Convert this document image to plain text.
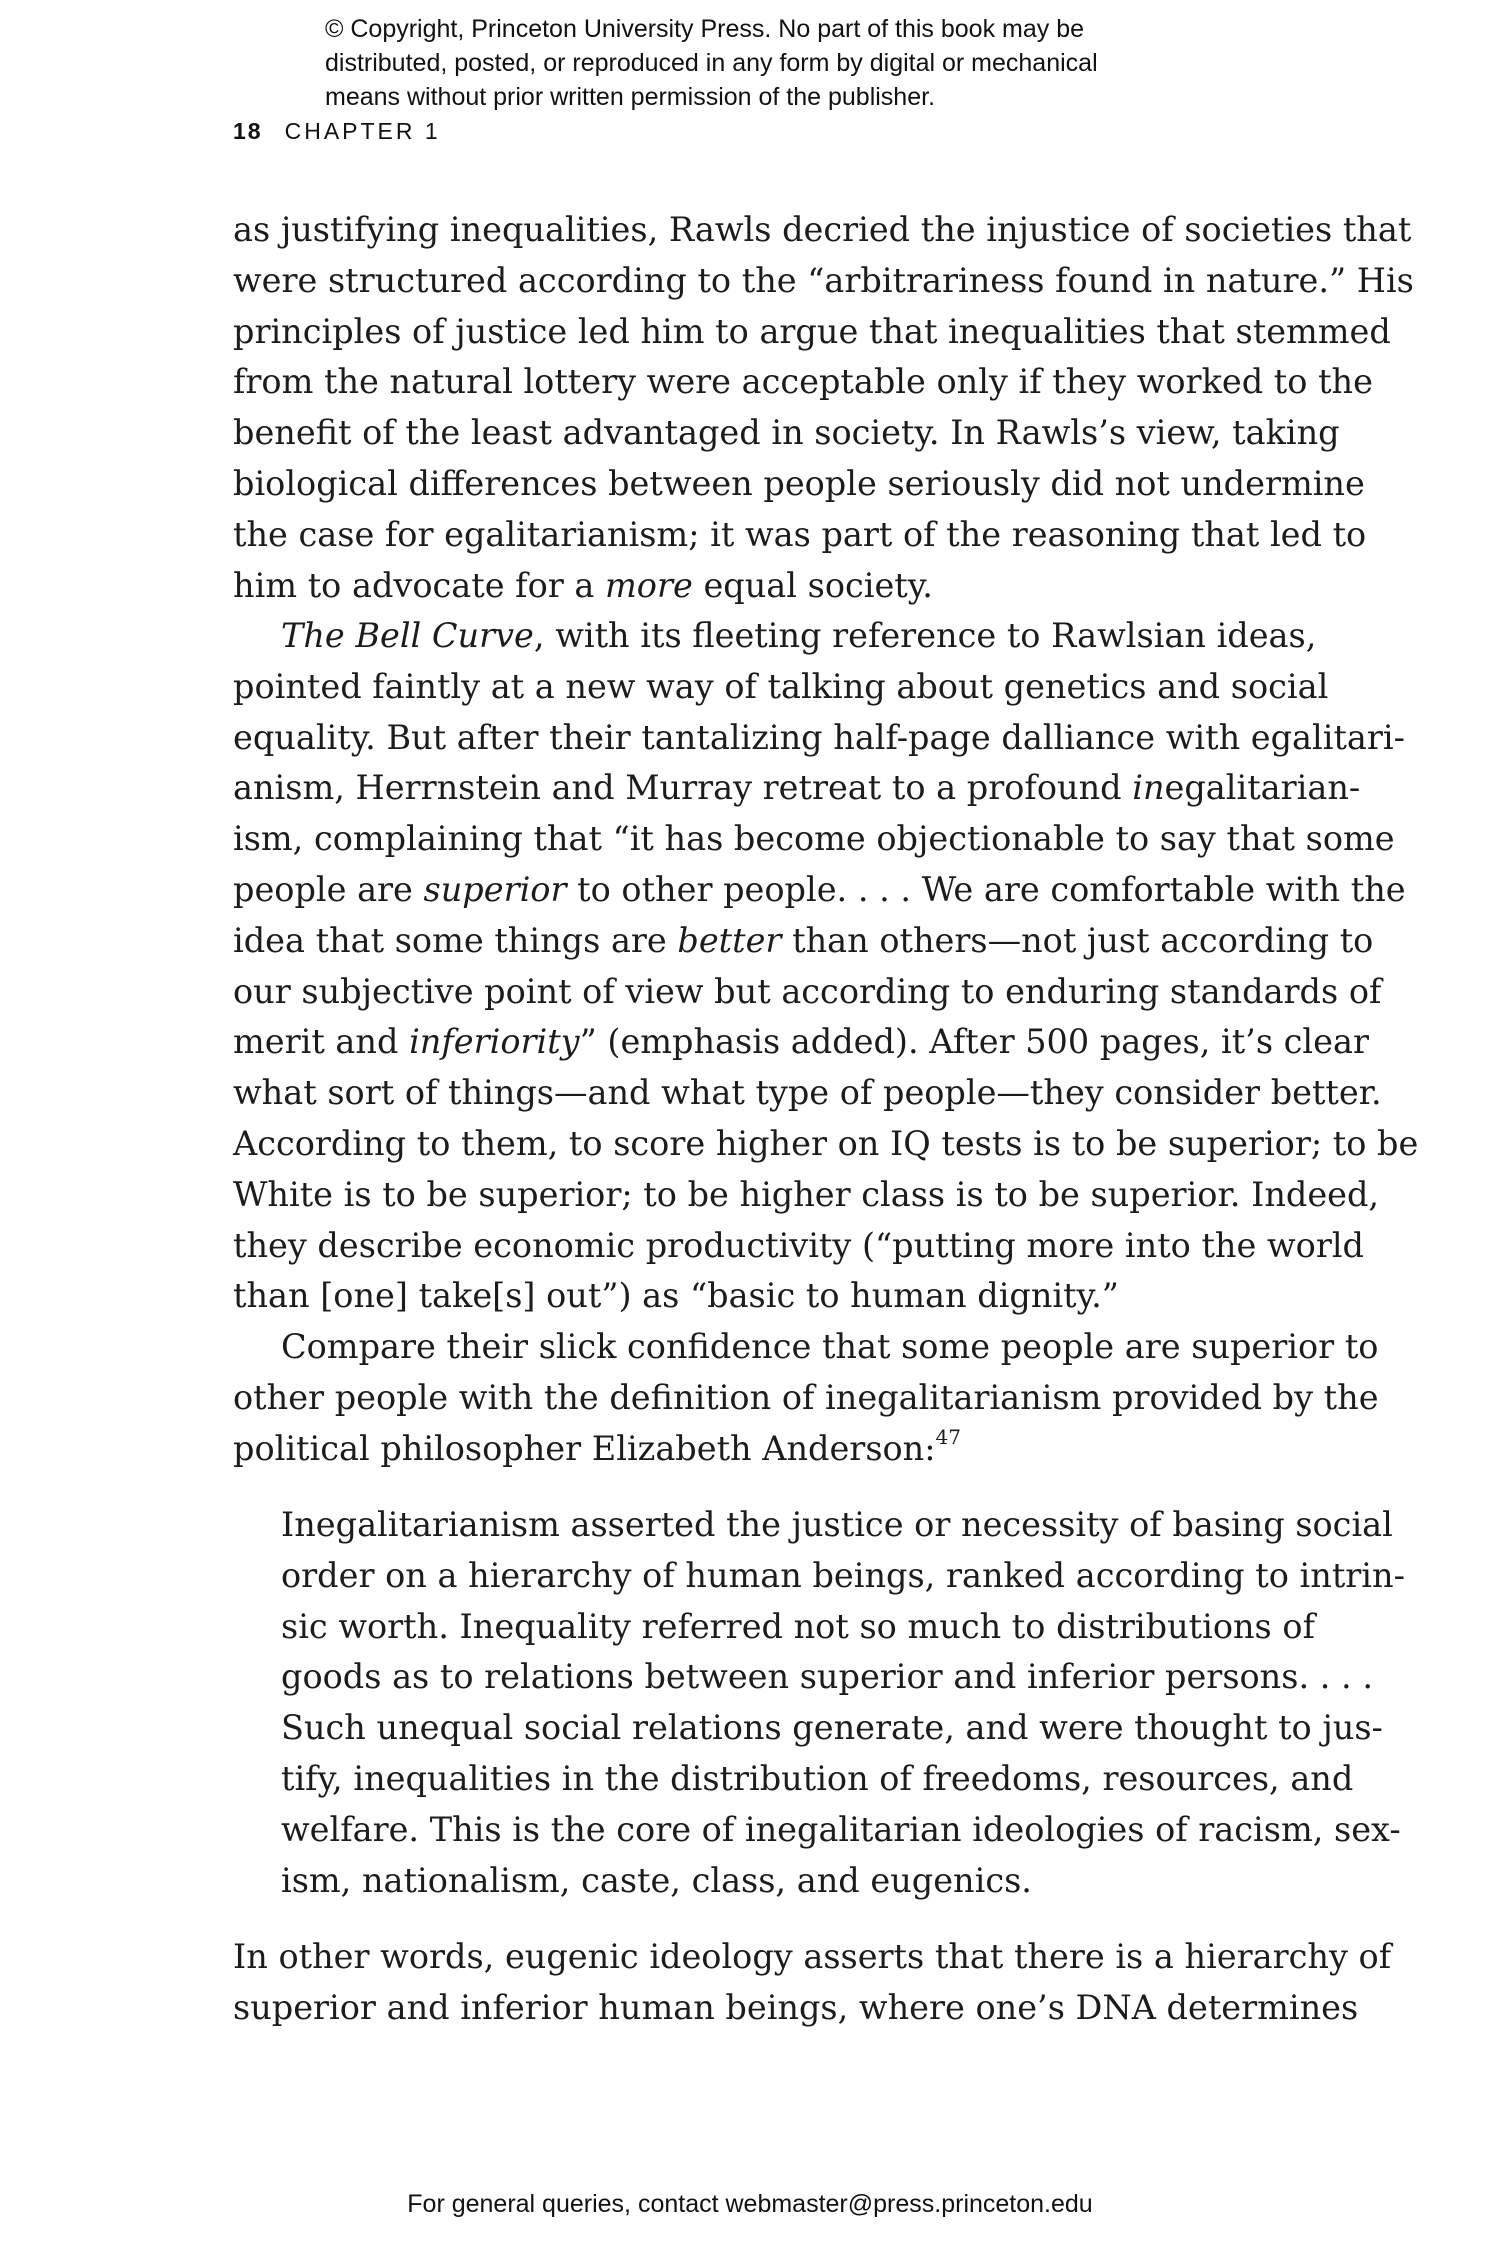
© Copyright, Princeton University Press. No part of this book may be
distributed, posted, or reproduced in any form by digital or mechanical
means without prior written permission of the publisher.
18 CHAPTER 1
as justifying inequalities, Rawls decried the injustice of societies that
were structured according to the “arbitrariness found in nature.” His
principles of justice led him to argue that inequalities that stemmed
from the natural lottery were acceptable only if they worked to the
benefit of the least advantaged in society. In Rawls’s view, taking
biological differences between people seriously did not undermine
the case for egalitarianism; it was part of the reasoning that led to
him to advocate for a more equal society.
The Bell Curve, with its fleeting reference to Rawlsian ideas,
pointed faintly at a new way of talking about genetics and social
equality. But after their tantalizing half-page dalliance with egalitari-
anism, Herrnstein and Murray retreat to a profound inegalitarian-
ism, complaining that “it has become objectionable to say that some
people are superior to other people. . . . We are comfortable with the
idea that some things are better than others—not just according to
our subjective point of view but according to enduring standards of
merit and inferiority” (emphasis added). After 500 pages, it’s clear
what sort of things—and what type of people—they consider better.
According to them, to score higher on IQ tests is to be superior; to be
White is to be superior; to be higher class is to be superior. Indeed,
they describe economic productivity (“putting more into the world
than [one] take[s] out”) as “basic to human dignity.”
Compare their slick confidence that some people are superior to
other people with the definition of inegalitarianism provided by the
political philosopher Elizabeth Anderson:$^{47}$
Inegalitarianism asserted the justice or necessity of basing social
order on a hierarchy of human beings, ranked according to intrin-
sic worth. Inequality referred not so much to distributions of
goods as to relations between superior and inferior persons. . . .
Such unequal social relations generate, and were thought to jus-
tify, inequalities in the distribution of freedoms, resources, and
welfare. This is the core of inegalitarian ideologies of racism, sex-
ism, nationalism, caste, class, and eugenics.
In other words, eugenic ideology asserts that there is a hierarchy of
superior and inferior human beings, where one’s DNA determines
For general queries, contact webmaster@press.princeton.edu
